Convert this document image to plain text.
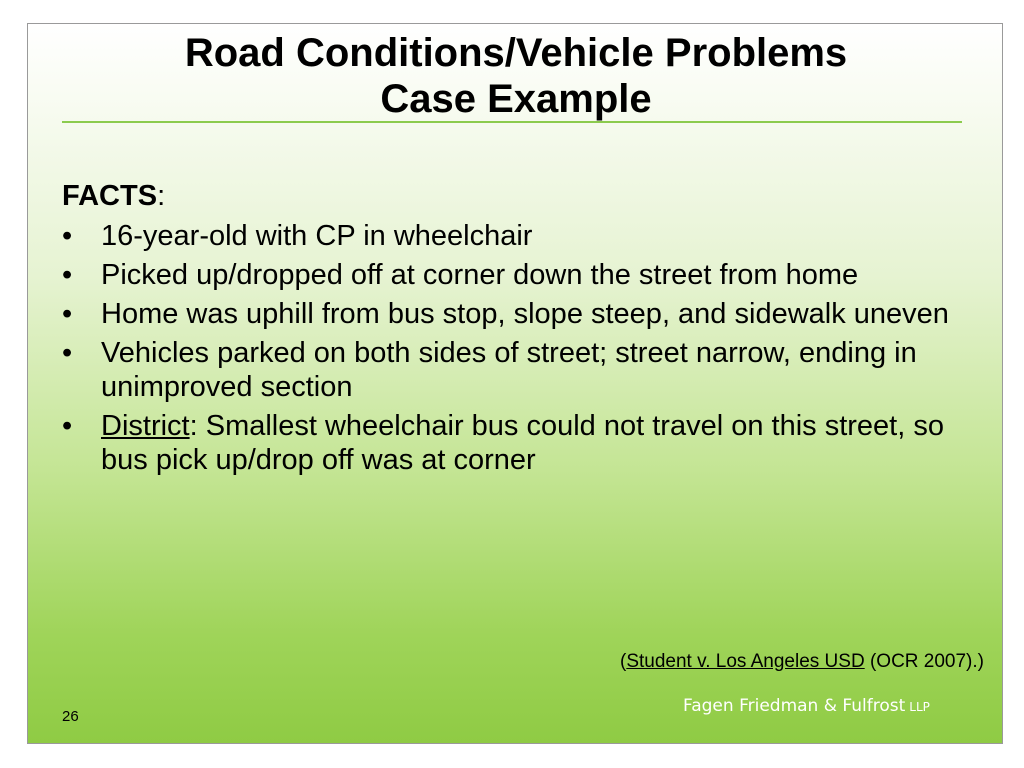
Road Conditions/Vehicle Problems
Case Example
FACTS:
• 16-year-old with CP in wheelchair
• Picked up/dropped off at corner down the street from home
• Home was uphill from bus stop, slope steep, and sidewalk uneven
• Vehicles parked on both sides of street; street narrow, ending in unimproved section
• District: Smallest wheelchair bus could not travel on this street, so bus pick up/drop off was at corner
(Student v. Los Angeles USD (OCR 2007).)
26
Fagen Friedman & Fulfrost LLP
